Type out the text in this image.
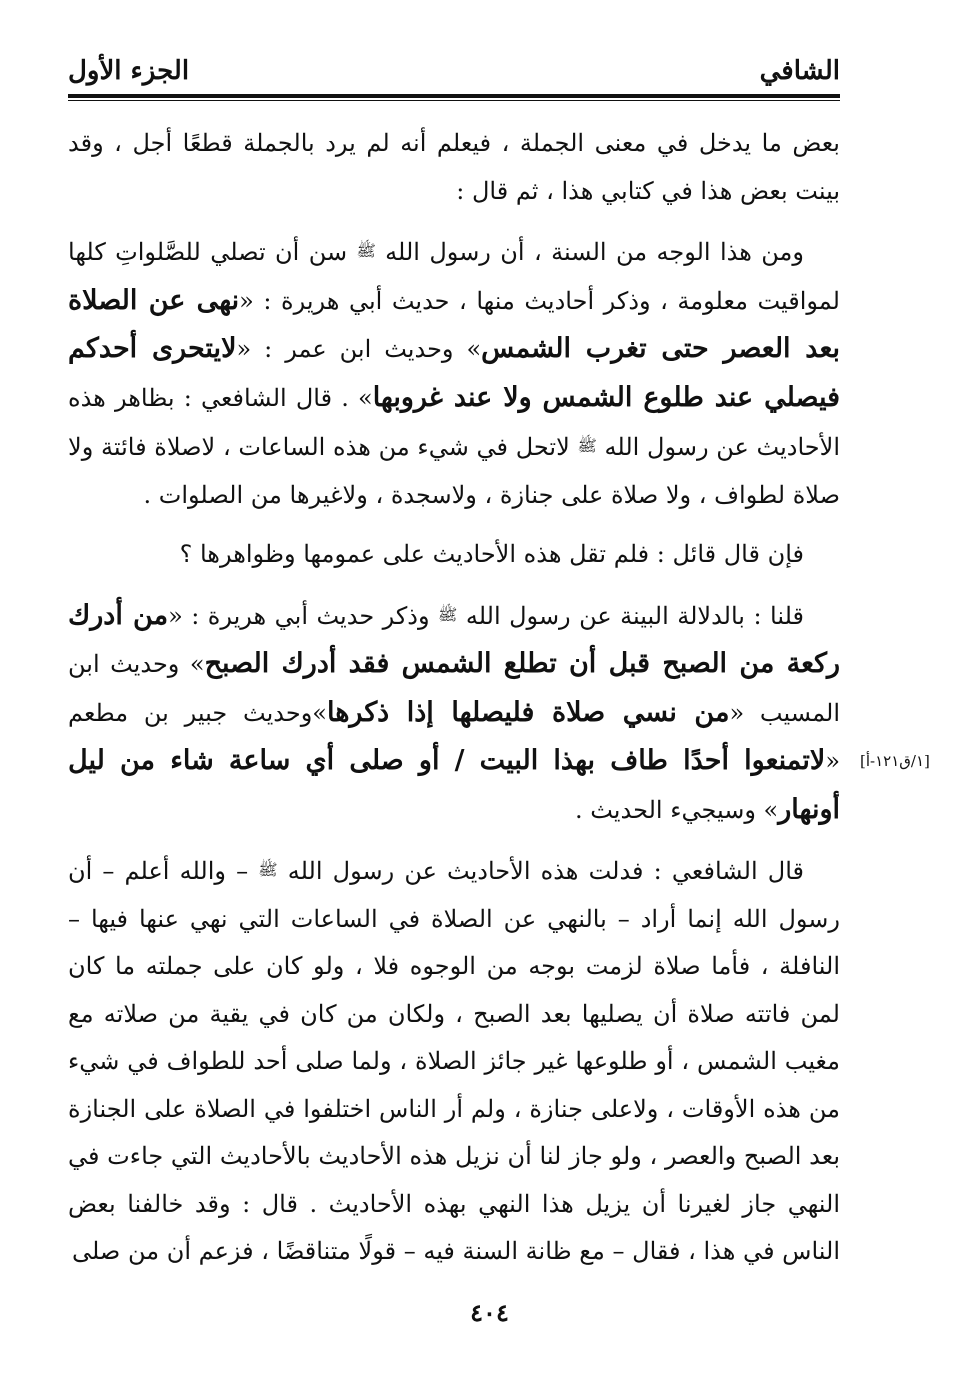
الشافي
الجزء الأول

بعض ما يدخل في معنى الجملة ، فيعلم أنه لم يرد بالجملة قطعًا أجل ، وقد بينت بعض هذا في كتابي هذا ، ثم قال :

ومن هذا الوجه من السنة ، أن رسول الله ﷺ سن أن تصلي للصَّلواتِ كلها لمواقيت معلومة ، وذكر أحاديث منها ، حديث أبي هريرة : «نهى عن الصلاة بعد العصر حتى تغرب الشمس» وحديث ابن عمر : «لايتحرى أحدكم فيصلي عند طلوع الشمس ولا عند غروبها» . قال الشافعي : بظاهر هذه الأحاديث عن رسول الله ﷺ لاتحل في شيء من هذه الساعات ، لاصلاة فائتة ولا صلاة لطواف ، ولا صلاة على جنازة ، ولاسجدة ، ولاغيرها من الصلوات .

فإن قال قائل : فلم تقل هذه الأحاديث على عمومها وظواهرها ؟

قلنا : بالدلالة البينة عن رسول الله ﷺ وذكر حديث أبي هريرة : «من أدرك ركعة من الصبح قبل أن تطلع الشمس فقد أدرك الصبح» وحديث ابن المسيب «من نسي صلاة فليصلها إذا ذكرها»وحديث جبير بن مطعم «لاتمنعوا أحدًا طاف بهذا البيت / أو صلى أي ساعة شاء من ليل أونهار» وسيجيء الحديث .

قال الشافعي : فدلت هذه الأحاديث عن رسول الله ﷺ – والله أعلم – أن رسول الله إنما أراد – بالنهي عن الصلاة في الساعات التي نهي عنها فيها – النافلة ، فأما صلاة لزمت بوجه من الوجوه فلا ، ولو كان على جملته ما كان لمن فاتته صلاة أن يصليها بعد الصبح ، ولكان من كان في يقية من صلاته مع مغيب الشمس ، أو طلوعها غير جائز الصلاة ، ولما صلى أحد للطواف في شيء من هذه الأوقات ، ولاعلى جنازة ، ولم أر الناس اختلفوا في الصلاة على الجنازة بعد الصبح والعصر ، ولو جاز لنا أن نزيل هذه الأحاديث بالأحاديث التي جاءت في النهي جاز لغيرنا أن يزيل هذا النهي بهذه الأحاديث . قال : وقد خالفنا بعض الناس في هذا ، فقال – مع ظانة السنة فيه – قولًا متناقضًا ، فزعم أن من صلى

[١/ق١٢١-أ]
٤٠٤
